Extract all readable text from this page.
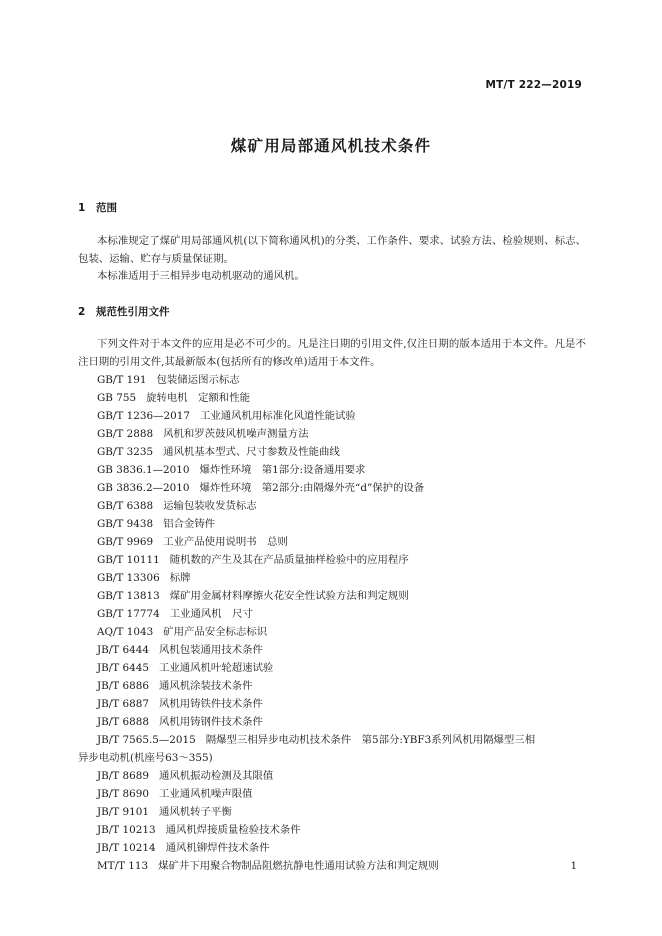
MT/T 222—2019
煤矿用局部通风机技术条件
1 范围

本标准规定了煤矿用局部通风机(以下简称通风机)的分类、工作条件、要求、试验方法、检验规则、标志、包装、运输、贮存与质量保证期。

本标准适用于三相异步电动机驱动的通风机。

2 规范性引用文件

下列文件对于本文件的应用是必不可少的。凡是注日期的引用文件,仅注日期的版本适用于本文件。凡是不注日期的引用文件,其最新版本(包括所有的修改单)适用于本文件。

GB/T 191 包装储运图示标志
GB 755 旋转电机　定额和性能
GB/T 1236—2017 工业通风机用标准化风道性能试验
GB/T 2888 风机和罗茨鼓风机噪声测量方法
GB/T 3235 通风机基本型式、尺寸参数及性能曲线
GB 3836.1—2010 爆炸性环境　第1部分:设备通用要求
GB 3836.2—2010 爆炸性环境　第2部分:由隔爆外壳“d”保护的设备
GB/T 6388 运输包装收发货标志
GB/T 9438 铝合金铸件
GB/T 9969 工业产品使用说明书　总则
GB/T 10111 随机数的产生及其在产品质量抽样检验中的应用程序
GB/T 13306 标牌
GB/T 13813 煤矿用金属材料摩擦火花安全性试验方法和判定规则
GB/T 17774 工业通风机　尺寸
AQ/T 1043 矿用产品安全标志标识
JB/T 6444 风机包装通用技术条件
JB/T 6445 工业通风机叶轮超速试验
JB/T 6886 通风机涂装技术条件
JB/T 6887 风机用铸铁件技术条件
JB/T 6888 风机用铸钢件技术条件
JB/T 7565.5—2015 隔爆型三相异步电动机技术条件　第5部分:YBF3系列风机用隔爆型三相
异步电动机(机座号63～355)
JB/T 8689 通风机振动检测及其限值
JB/T 8690 工业通风机噪声限值
JB/T 9101 通风机转子平衡
JB/T 10213 通风机焊接质量检验技术条件
JB/T 10214 通风机铆焊件技术条件
MT/T 113 煤矿井下用聚合物制品阻燃抗静电性通用试验方法和判定规则	1
